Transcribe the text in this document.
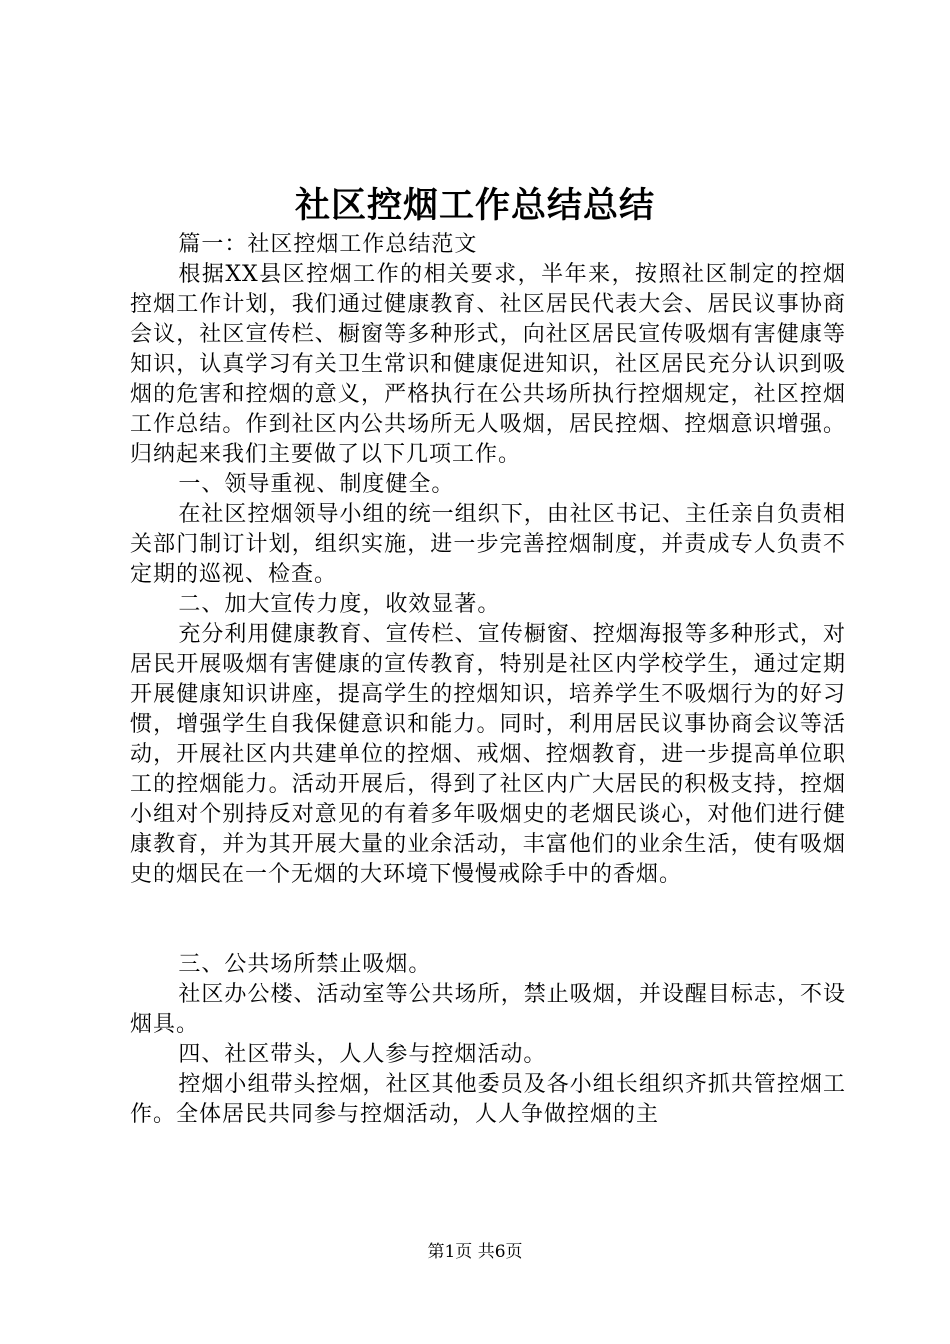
社区控烟工作总结总结

篇一：社区控烟工作总结范文

根据XX县区控烟工作的相关要求，半年来，按照社区制定的控烟控烟工作计划，我们通过健康教育、社区居民代表大会、居民议事协商会议，社区宣传栏、橱窗等多种形式，向社区居民宣传吸烟有害健康等知识，认真学习有关卫生常识和健康促进知识，社区居民充分认识到吸烟的危害和控烟的意义，严格执行在公共场所执行控烟规定，社区控烟工作总结。作到社区内公共场所无人吸烟，居民控烟、控烟意识增强。归纳起来我们主要做了以下几项工作。

一、领导重视、制度健全。

在社区控烟领导小组的统一组织下，由社区书记、主任亲自负责相关部门制订计划，组织实施，进一步完善控烟制度，并责成专人负责不定期的巡视、检查。

二、加大宣传力度，收效显著。

充分利用健康教育、宣传栏、宣传橱窗、控烟海报等多种形式，对居民开展吸烟有害健康的宣传教育，特别是社区内学校学生，通过定期开展健康知识讲座，提高学生的控烟知识，培养学生不吸烟行为的好习惯，增强学生自我保健意识和能力。同时，利用居民议事协商会议等活动，开展社区内共建单位的控烟、戒烟、控烟教育，进一步提高单位职工的控烟能力。活动开展后，得到了社区内广大居民的积极支持，控烟小组对个别持反对意见的有着多年吸烟史的老烟民谈心，对他们进行健康教育，并为其开展大量的业余活动，丰富他们的业余生活，使有吸烟史的烟民在一个无烟的大环境下慢慢戒除手中的香烟。

三、公共场所禁止吸烟。

社区办公楼、活动室等公共场所，禁止吸烟，并设醒目标志，不设烟具。

四、社区带头，人人参与控烟活动。

控烟小组带头控烟，社区其他委员及各小组长组织齐抓共管控烟工作。全体居民共同参与控烟活动，人人争做控烟的主

第1页 共6页
